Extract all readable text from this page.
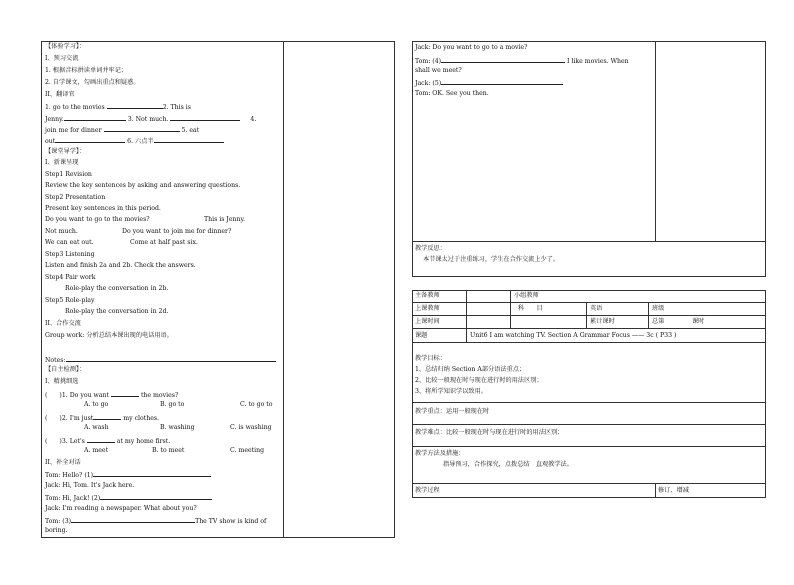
【体验学习】：
I、预习交流
1. 根据音标拼读单词并牢记；
2. 自学课文，勾画出重点和疑惑。
II、翻译官
1. go to the movies	2. This is
Jenny.	3. Not much.	4.
join me for dinner	5. eat
out	6. 六点半
【课堂导学】：
I、新课呈现
Step1 Revision
Review the key sentences by asking and answering questions.
Step2 Presentation
Present key sentences in this period.
Do you want to go to the movies?	This is Jenny.
Not much.	Do you want to join me for dinner?
We can eat out.	Come at half past six.
Step3 Listening
Listen and finish 2a and 2b. Check the answers.
Step4 Pair work
Role-play the conversation in 2b.
Step5 Role-play
Role-play the conversation in 2d.
II、合作交流
Group work: 分析总结本课出现的电话用语。
Notes:
【自主检测】：
I、精挑细选
( )1. Do you want	the movies?
A. to go	B. go to	C. to go to
( )2. I'm just	my clothes.
A. wash	B. washing	C. is washing
( )3. Let's	at my home first.
A. meet	B. to meet	C. meeting
II、补全对话
Tom: Hello? (1)
Jack: Hi, Tom. It's Jack here.
Tom: Hi, Jack! (2)
Jack: I'm reading a newspaper. What about you?
Tom: (3)	The TV show is kind of
boring.
Jack: Do you want to go to a movie?
Tom: (4)	I like movies. When
shall we meet?
Jack: (5)
Tom: OK. See you then.
教学反思：
本节课太过于注重练习，学生在合作交流上少了。
主备教师	小组教师
上课教师	科　　目	英语	班级
上课时间	累计课时	总第	课时
课题	Unit6 I am watching TV. Section A Grammar Focus —— 3c ( P33 )
教学目标：
1、总结归纳 Section A部分语法重点；
2、比较一般现在时与现在进行时的用法区别；
3、将所学知识学以致用。
教学重点：运用一般现在时
教学难点：比较一般现在时与现在进行时的用法区别；
教学方法及措施：
指导预习，合作探究，点拨总结　直观教学法。
教学过程	修订、增减
